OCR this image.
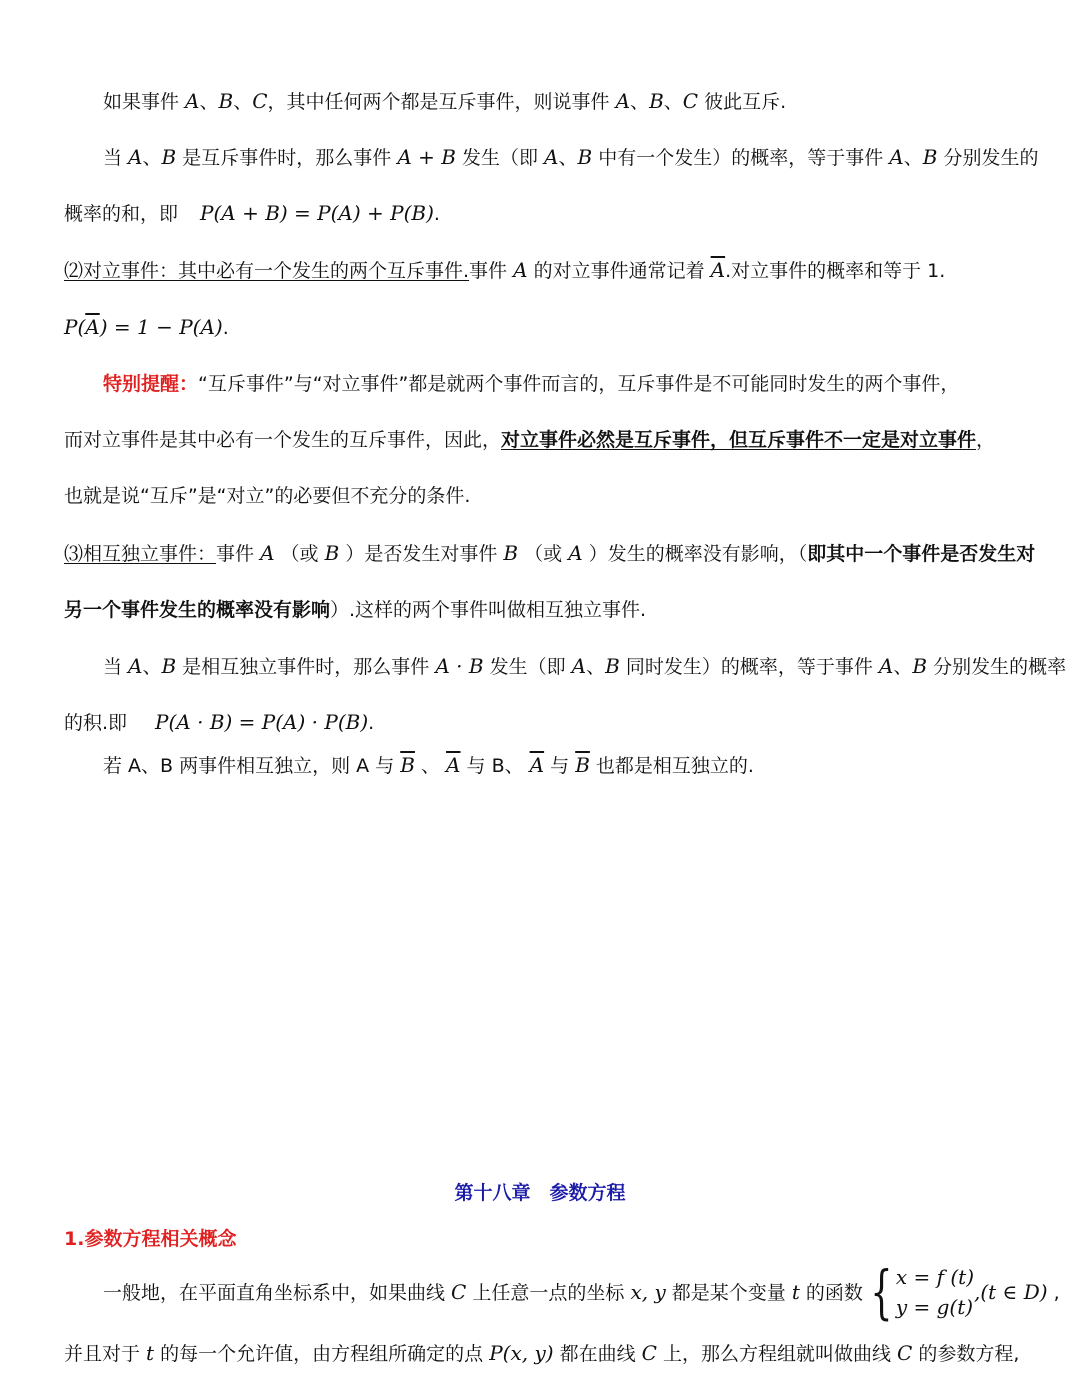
如果事件 A、B、C，其中任何两个都是互斥事件，则说事件 A、B、C 彼此互斥.
当 A、B 是互斥事件时，那么事件 A + B 发生（即 A、B 中有一个发生）的概率，等于事件 A、B 分别发生的
概率的和，即 P(A + B) = P(A) + P(B).
⑵对立事件：其中必有一个发生的两个互斥事件.事件 A 的对立事件通常记着 $\overline{A}$.对立事件的概率和等于 1.
$P(\overline{A}) = 1 - P(A)$.
特别提醒：“互斥事件”与“对立事件”都是就两个事件而言的，互斥事件是不可能同时发生的两个事件，
而对立事件是其中必有一个发生的互斥事件，因此，对立事件必然是互斥事件，但互斥事件不一定是对立事件，
也就是说“互斥”是“对立”的必要但不充分的条件.
⑶相互独立事件：事件 A （或 B ）是否发生对事件 B （或 A ）发生的概率没有影响，（即其中一个事件是否发生对
另一个事件发生的概率没有影响）.这样的两个事件叫做相互独立事件.
当 A、B 是相互独立事件时，那么事件 A · B 发生（即 A、B 同时发生）的概率，等于事件 A、B 分别发生的概率
的积.即 P(A · B) = P(A) · P(B).
若 A、B 两事件相互独立，则 A 与 $\overline{B}$ 、 $\overline{A}$ 与 B、 $\overline{A}$ 与 $\overline{B}$ 也都是相互独立的.
第十八章　参数方程
1.参数方程相关概念
一般地，在平面直角坐标系中，如果曲线 C 上任意一点的坐标 x, y 都是某个变量 t 的函数 { x = f (t)
y = g(t)
,(t ∈ D) ,
并且对于 t 的每一个允许值，由方程组所确定的点 P(x, y) 都在曲线 C 上，那么方程组就叫做曲线 C 的参数方程,
